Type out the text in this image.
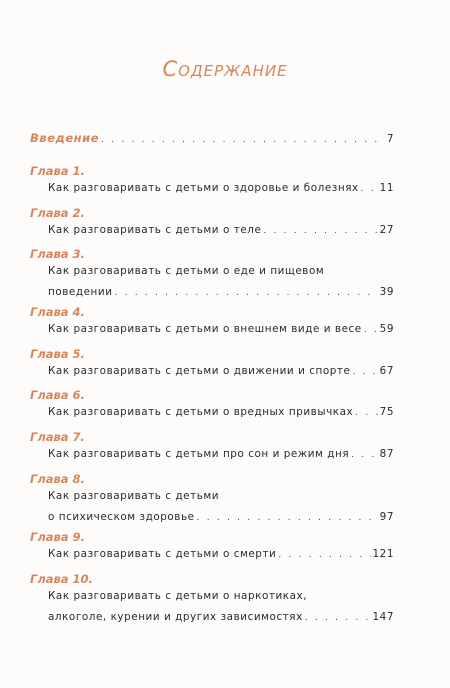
Содержание
Введение . . .	7
Глава 1.
Как разговаривать с детьми о здоровье и болезнях . . . 11
Глава 2.
Как разговаривать с детьми о теле . . .	27
Глава 3.
Как разговаривать с детьми о еде и пищевом
поведении . . .	39
Глава 4.
Как разговаривать с детьми о внешнем виде и весе . . . 59
Глава 5.
Как разговаривать с детьми о движении и спорте . . .	67
Глава 6.
Как разговаривать с детьми о вредных привычках . . .	75
Глава 7.
Как разговаривать с детьми про сон и режим дня . . .	87
Глава 8.
Как разговаривать с детьми
о психическом здоровье . . .	97
Глава 9.
Как разговаривать с детьми о смерти . . .	121
Глава 10.
Как разговаривать с детьми о наркотиках,
алкоголе, курении и других зависимостях . . .	147
